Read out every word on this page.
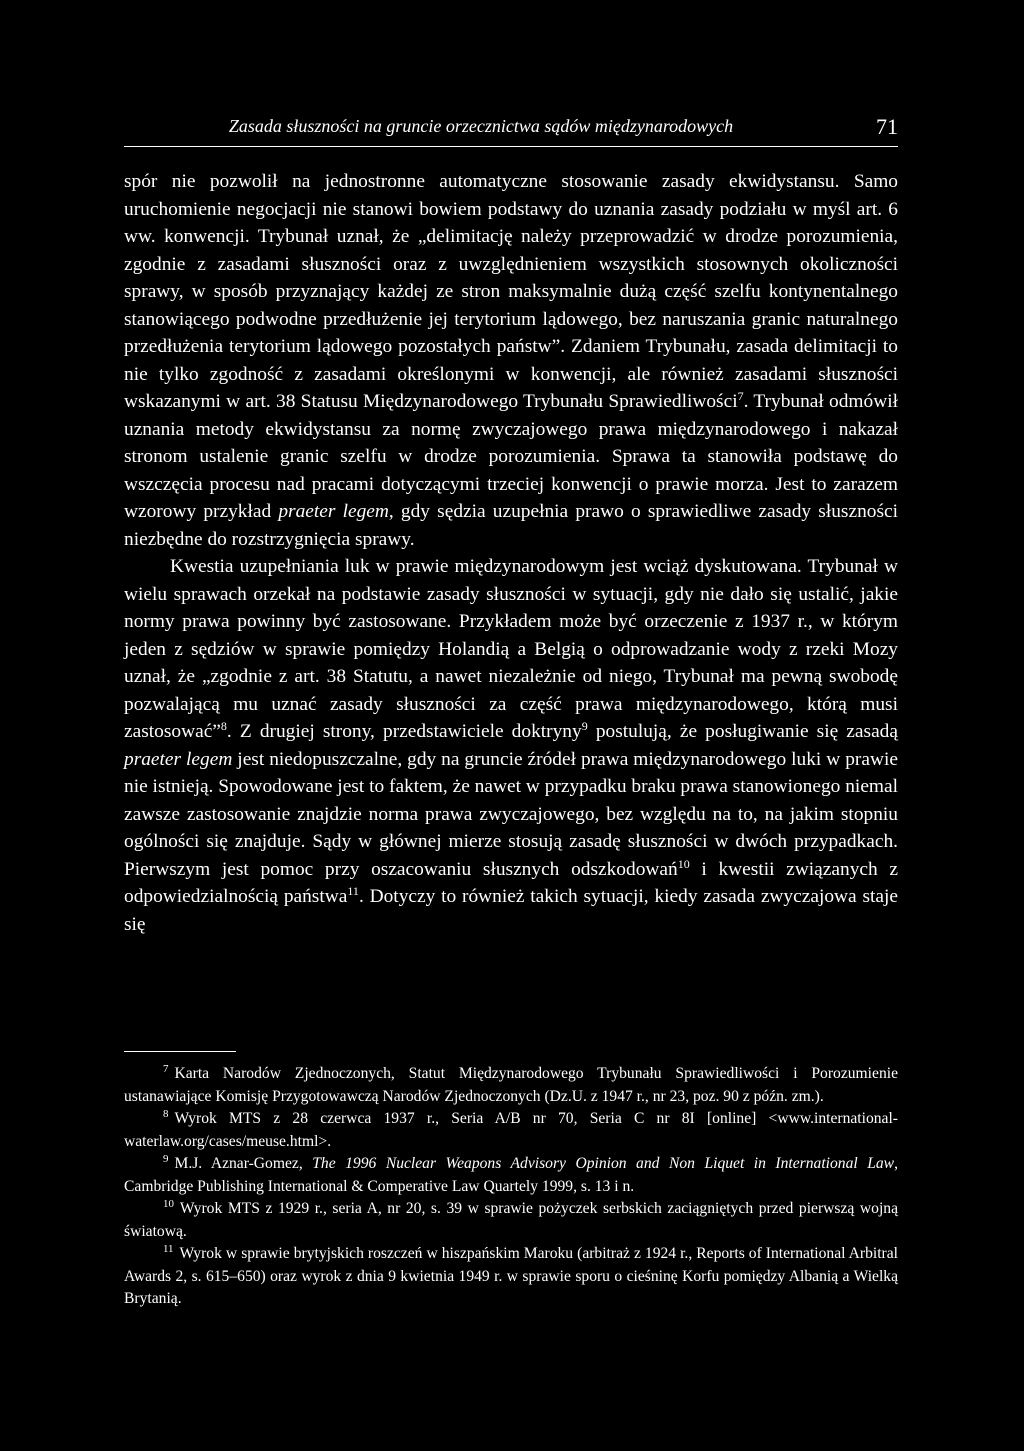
Zasada słuszności na gruncie orzecznictwa sądów międzynarodowych	71

spór nie pozwolił na jednostronne automatyczne stosowanie zasady ekwidystansu. Samo uruchomienie negocjacji nie stanowi bowiem podstawy do uznania zasady podziału w myśl art. 6 ww. konwencji. Trybunał uznał, że „delimitację należy przeprowadzić w drodze porozumienia, zgodnie z zasadami słuszności oraz z uwzględnieniem wszystkich stosownych okoliczności sprawy, w sposób przyznający każdej ze stron maksymalnie dużą część szelfu kontynentalnego stanowiącego podwodne przedłużenie jej terytorium lądowego, bez naruszania granic naturalnego przedłużenia terytorium lądowego pozostałych państw”. Zdaniem Trybunału, zasada delimitacji to nie tylko zgodność z zasadami określonymi w konwencji, ale również zasadami słuszności wskazanymi w art. 38 Statusu Międzynarodowego Trybunału Sprawiedliwości$^7$. Trybunał odmówił uznania metody ekwidystansu za normę zwyczajowego prawa międzynarodowego i nakazał stronom ustalenie granic szelfu w drodze porozumienia. Sprawa ta stanowiła podstawę do wszczęcia procesu nad pracami dotyczącymi trzeciej konwencji o prawie morza. Jest to zarazem wzorowy przykład praeter legem, gdy sędzia uzupełnia prawo o sprawiedliwe zasady słuszności niezbędne do rozstrzygnięcia sprawy.

Kwestia uzupełniania luk w prawie międzynarodowym jest wciąż dyskutowana. Trybunał w wielu sprawach orzekał na podstawie zasady słuszności w sytuacji, gdy nie dało się ustalić, jakie normy prawa powinny być zastosowane. Przykładem może być orzeczenie z 1937 r., w którym jeden z sędziów w sprawie pomiędzy Holandią a Belgią o odprowadzanie wody z rzeki Mozy uznał, że „zgodnie z art. 38 Statutu, a nawet niezależnie od niego, Trybunał ma pewną swobodę pozwalającą mu uznać zasady słuszności za część prawa międzynarodowego, którą musi zastosować”$^8$. Z drugiej strony, przedstawiciele doktryny$^9$ postulują, że posługiwanie się zasadą praeter legem jest niedopuszczalne, gdy na gruncie źródeł prawa międzynarodowego luki w prawie nie istnieją. Spowodowane jest to faktem, że nawet w przypadku braku prawa stanowionego niemal zawsze zastosowanie znajdzie norma prawa zwyczajowego, bez względu na to, na jakim stopniu ogólności się znajduje. Sądy w głównej mierze stosują zasadę słuszności w dwóch przypadkach. Pierwszym jest pomoc przy oszacowaniu słusznych odszkodowań$^{10}$ i kwestii związanych z odpowiedzialnością państwa$^{11}$. Dotyczy to również takich sytuacji, kiedy zasada zwyczajowa staje się

$^7$ Karta Narodów Zjednoczonych, Statut Międzynarodowego Trybunału Sprawiedliwości i Porozumienie ustanawiające Komisję Przygotowawczą Narodów Zjednoczonych (Dz.U. z 1947 r., nr 23, poz. 90 z późn. zm.).

$^8$ Wyrok MTS z 28 czerwca 1937 r., Seria A/B nr 70, Seria C nr 8I [online] <www.internationalwaterlaw.org/cases/meuse.html>.

$^9$ M.J. Aznar-Gomez, The 1996 Nuclear Weapons Advisory Opinion and Non Liquet in International Law, Cambridge Publishing International & Comperative Law Quartely 1999, s. 13 i n.

$^{10}$ Wyrok MTS z 1929 r., seria A, nr 20, s. 39 w sprawie pożyczek serbskich zaciągniętych przed pierwszą wojną światową.

$^{11}$ Wyrok w sprawie brytyjskich roszczeń w hiszpańskim Maroku (arbitraż z 1924 r., Reports of International Arbitral Awards 2, s. 615–650) oraz wyrok z dnia 9 kwietnia 1949 r. w sprawie sporu o cieśninę Korfu pomiędzy Albanią a Wielką Brytanią.
